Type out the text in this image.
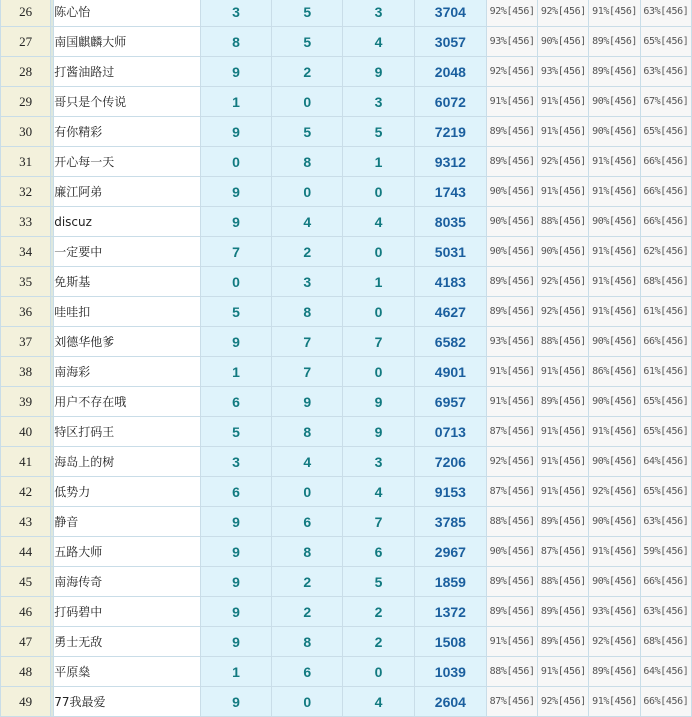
26		陈心怡	3	5	3	3704	92%[456]	92%[456]	91%[456]	63%[456]
27		南国麒麟大师	8	5	4	3057	93%[456]	90%[456]	89%[456]	65%[456]
28		打酱油路过	9	2	9	2048	92%[456]	93%[456]	89%[456]	63%[456]
29		哥只是个传说	1	0	3	6072	91%[456]	91%[456]	90%[456]	67%[456]
30		有你精彩	9	5	5	7219	89%[456]	91%[456]	90%[456]	65%[456]
31		开心每一天	0	8	1	9312	89%[456]	92%[456]	91%[456]	66%[456]
32		廉江阿弟	9	0	0	1743	90%[456]	91%[456]	91%[456]	66%[456]
33		discuz	9	4	4	8035	90%[456]	88%[456]	90%[456]	66%[456]
34		一定要中	7	2	0	5031	90%[456]	90%[456]	91%[456]	62%[456]
35		免斯基	0	3	1	4183	89%[456]	92%[456]	91%[456]	68%[456]
36		哇哇扣	5	8	0	4627	89%[456]	92%[456]	91%[456]	61%[456]
37		刘德华他爹	9	7	7	6582	93%[456]	88%[456]	90%[456]	66%[456]
38		南海彩	1	7	0	4901	91%[456]	91%[456]	86%[456]	61%[456]
39		用户不存在哦	6	9	9	6957	91%[456]	89%[456]	90%[456]	65%[456]
40		特区打码王	5	8	9	0713	87%[456]	91%[456]	91%[456]	65%[456]
41		海岛上的树	3	4	3	7206	92%[456]	91%[456]	90%[456]	64%[456]
42		低势力	6	0	4	9153	87%[456]	91%[456]	92%[456]	65%[456]
43		静音	9	6	7	3785	88%[456]	89%[456]	90%[456]	63%[456]
44		五路大师	9	8	6	2967	90%[456]	87%[456]	91%[456]	59%[456]
45		南海传奇	9	2	5	1859	89%[456]	88%[456]	90%[456]	66%[456]
46		打码碧中	9	2	2	1372	89%[456]	89%[456]	93%[456]	63%[456]
47		勇士无敌	9	8	2	1508	91%[456]	89%[456]	92%[456]	68%[456]
48		平原燊	1	6	0	1039	88%[456]	91%[456]	89%[456]	64%[456]
49		77我最爱	9	0	4	2604	87%[456]	92%[456]	91%[456]	66%[456]
